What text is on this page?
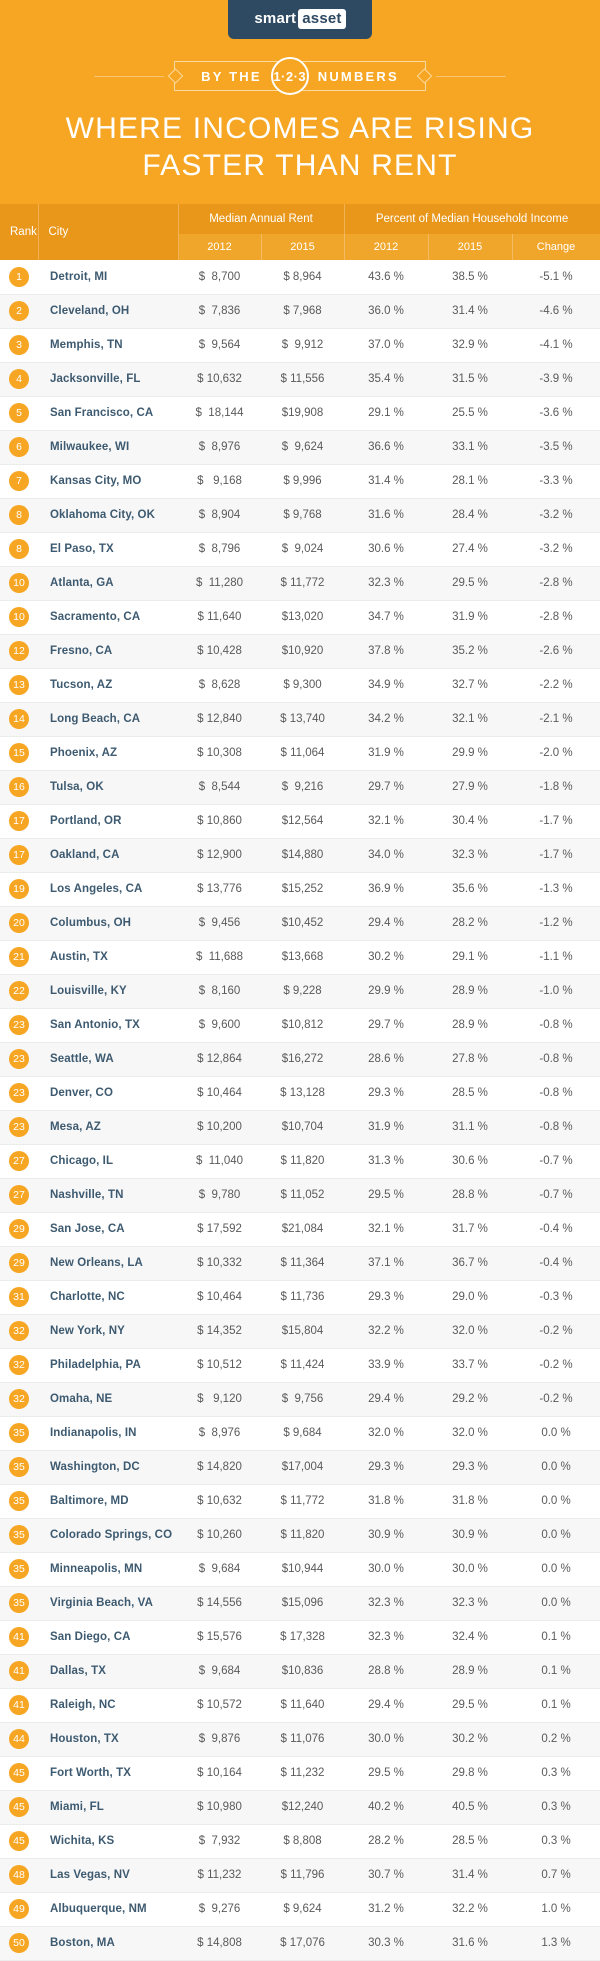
smart asset
BY THE 1·2·3 NUMBERS
WHERE INCOMES ARE RISING
FASTER THAN RENT
Rank	City	Median Annual Rent		Percent of Median Household Income		
		2012	2015	2012	2015	Change
1	Detroit, MI	$  8,700	$ 8,964	43.6 %	38.5 %	-5.1 %
2	Cleveland, OH	$  7,836	$ 7,968	36.0 %	31.4 %	-4.6 %
3	Memphis, TN	$  9,564	$  9,912	37.0 %	32.9 %	-4.1 %
4	Jacksonville, FL	$ 10,632	$ 11,556	35.4 %	31.5 %	-3.9 %
5	San Francisco, CA	$  18,144	$19,908	29.1 %	25.5 %	-3.6 %
6	Milwaukee, WI	$  8,976	$  9,624	36.6 %	33.1 %	-3.5 %
7	Kansas City, MO	$   9,168	$ 9,996	31.4 %	28.1 %	-3.3 %
8	Oklahoma City, OK	$  8,904	$ 9,768	31.6 %	28.4 %	-3.2 %
8	El Paso, TX	$  8,796	$  9,024	30.6 %	27.4 %	-3.2 %
10	Atlanta, GA	$  11,280	$ 11,772	32.3 %	29.5 %	-2.8 %
10	Sacramento, CA	$ 11,640	$13,020	34.7 %	31.9 %	-2.8 %
12	Fresno, CA	$ 10,428	$10,920	37.8 %	35.2 %	-2.6 %
13	Tucson, AZ	$  8,628	$ 9,300	34.9 %	32.7 %	-2.2 %
14	Long Beach, CA	$ 12,840	$ 13,740	34.2 %	32.1 %	-2.1 %
15	Phoenix, AZ	$ 10,308	$ 11,064	31.9 %	29.9 %	-2.0 %
16	Tulsa, OK	$  8,544	$  9,216	29.7 %	27.9 %	-1.8 %
17	Portland, OR	$ 10,860	$12,564	32.1 %	30.4 %	-1.7 %
17	Oakland, CA	$ 12,900	$14,880	34.0 %	32.3 %	-1.7 %
19	Los Angeles, CA	$ 13,776	$15,252	36.9 %	35.6 %	-1.3 %
20	Columbus, OH	$  9,456	$10,452	29.4 %	28.2 %	-1.2 %
21	Austin, TX	$  11,688	$13,668	30.2 %	29.1 %	-1.1 %
22	Louisville, KY	$  8,160	$ 9,228	29.9 %	28.9 %	-1.0 %
23	San Antonio, TX	$  9,600	$10,812	29.7 %	28.9 %	-0.8 %
23	Seattle, WA	$ 12,864	$16,272	28.6 %	27.8 %	-0.8 %
23	Denver, CO	$ 10,464	$ 13,128	29.3 %	28.5 %	-0.8 %
23	Mesa, AZ	$ 10,200	$10,704	31.9 %	31.1 %	-0.8 %
27	Chicago, IL	$  11,040	$ 11,820	31.3 %	30.6 %	-0.7 %
27	Nashville, TN	$  9,780	$ 11,052	29.5 %	28.8 %	-0.7 %
29	San Jose, CA	$ 17,592	$21,084	32.1 %	31.7 %	-0.4 %
29	New Orleans, LA	$ 10,332	$ 11,364	37.1 %	36.7 %	-0.4 %
31	Charlotte, NC	$ 10,464	$ 11,736	29.3 %	29.0 %	-0.3 %
32	New York, NY	$ 14,352	$15,804	32.2 %	32.0 %	-0.2 %
32	Philadelphia, PA	$ 10,512	$ 11,424	33.9 %	33.7 %	-0.2 %
32	Omaha, NE	$   9,120	$  9,756	29.4 %	29.2 %	-0.2 %
35	Indianapolis, IN	$  8,976	$ 9,684	32.0 %	32.0 %	0.0 %
35	Washington, DC	$ 14,820	$17,004	29.3 %	29.3 %	0.0 %
35	Baltimore, MD	$ 10,632	$ 11,772	31.8 %	31.8 %	0.0 %
35	Colorado Springs, CO	$ 10,260	$ 11,820	30.9 %	30.9 %	0.0 %
35	Minneapolis, MN	$  9,684	$10,944	30.0 %	30.0 %	0.0 %
35	Virginia Beach, VA	$ 14,556	$15,096	32.3 %	32.3 %	0.0 %
41	San Diego, CA	$ 15,576	$ 17,328	32.3 %	32.4 %	0.1 %
41	Dallas, TX	$  9,684	$10,836	28.8 %	28.9 %	0.1 %
41	Raleigh, NC	$ 10,572	$ 11,640	29.4 %	29.5 %	0.1 %
44	Houston, TX	$  9,876	$ 11,076	30.0 %	30.2 %	0.2 %
45	Fort Worth, TX	$ 10,164	$ 11,232	29.5 %	29.8 %	0.3 %
45	Miami, FL	$ 10,980	$12,240	40.2 %	40.5 %	0.3 %
45	Wichita, KS	$  7,932	$ 8,808	28.2 %	28.5 %	0.3 %
48	Las Vegas, NV	$ 11,232	$ 11,796	30.7 %	31.4 %	0.7 %
49	Albuquerque, NM	$  9,276	$ 9,624	31.2 %	32.2 %	1.0 %
50	Boston, MA	$ 14,808	$ 17,076	30.3 %	31.6 %	1.3 %
